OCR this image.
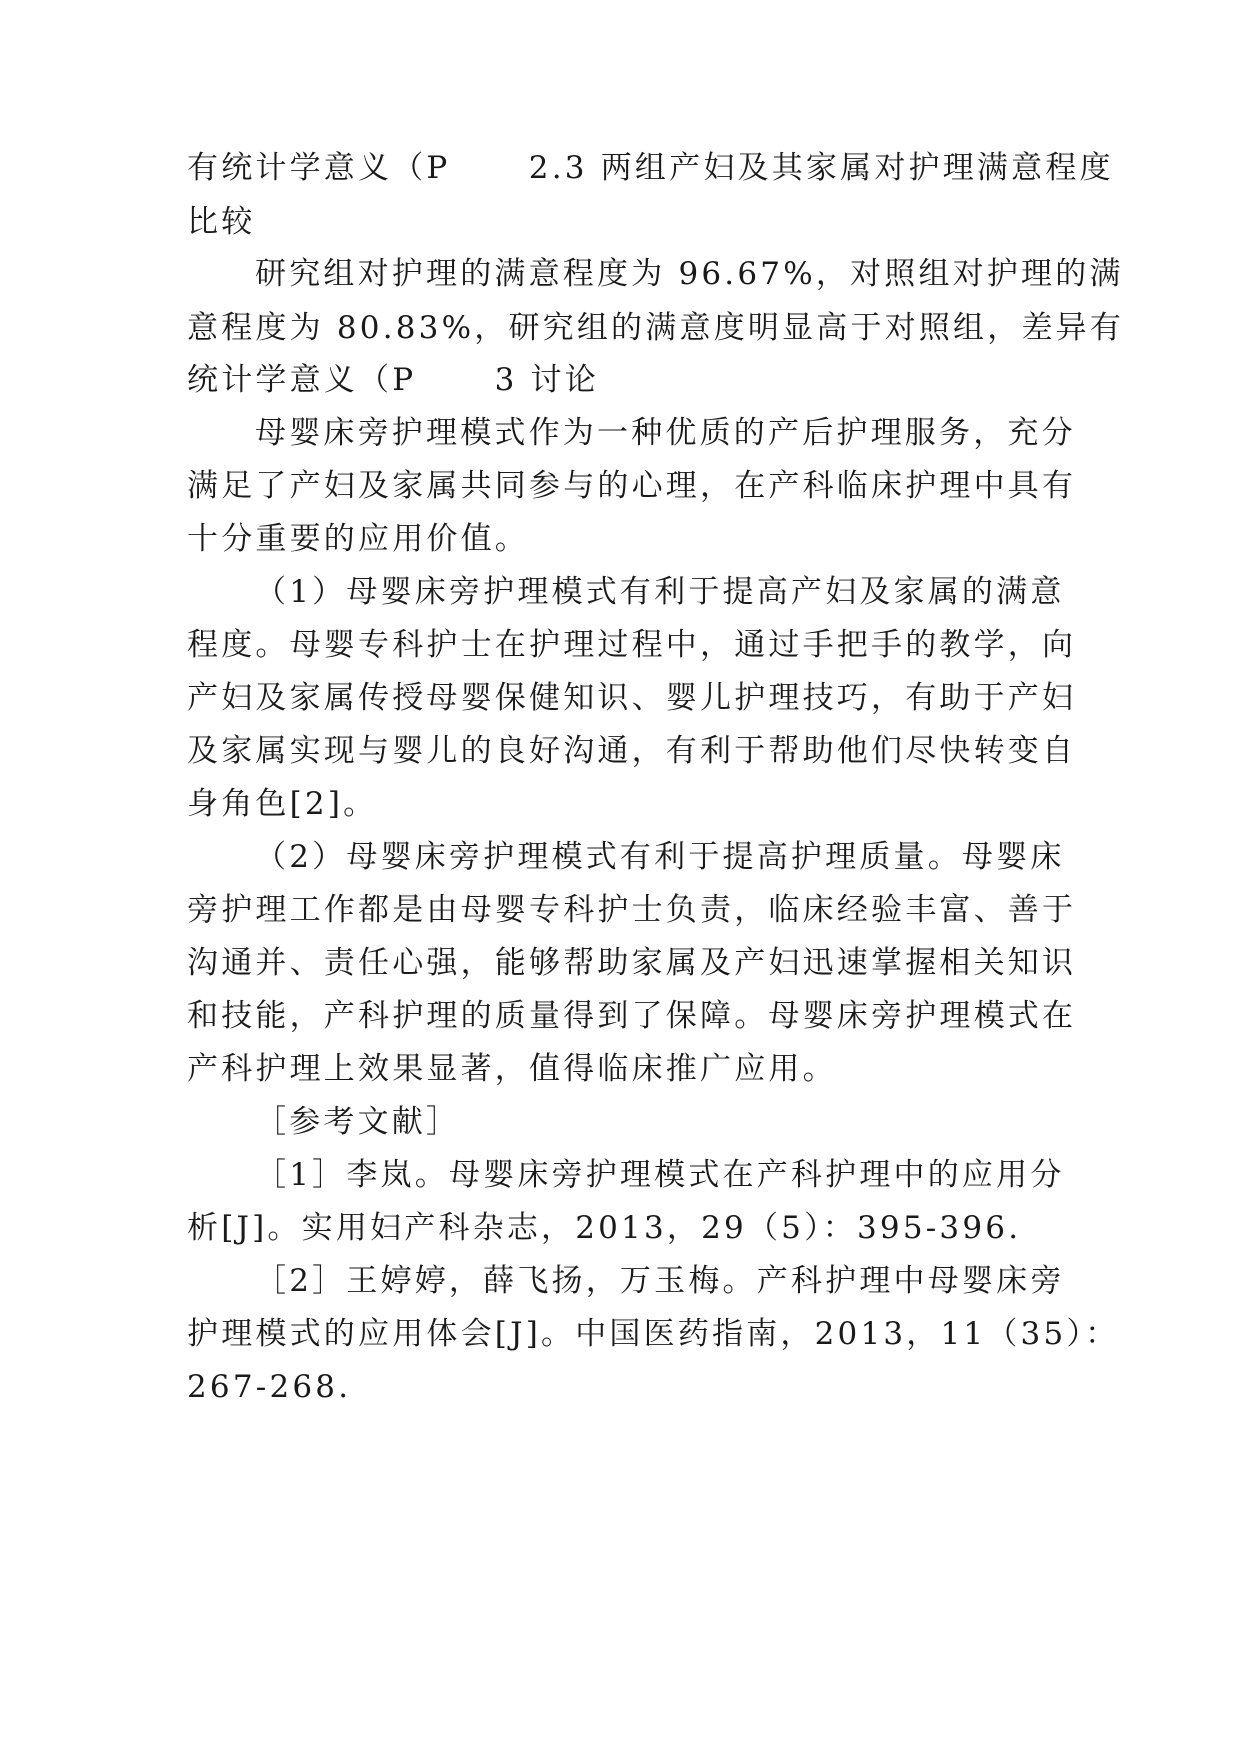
有统计学意义（P      2.3 两组产妇及其家属对护理满意程度
比较
研究组对护理的满意程度为 96.67%，对照组对护理的满
意程度为 80.83%，研究组的满意度明显高于对照组，差异有
统计学意义（P      3 讨论
母婴床旁护理模式作为一种优质的产后护理服务，充分
满足了产妇及家属共同参与的心理，在产科临床护理中具有
十分重要的应用价值。
（1）母婴床旁护理模式有利于提高产妇及家属的满意
程度。母婴专科护士在护理过程中，通过手把手的教学，向
产妇及家属传授母婴保健知识、婴儿护理技巧，有助于产妇
及家属实现与婴儿的良好沟通，有利于帮助他们尽快转变自
身角色[2]。
（2）母婴床旁护理模式有利于提高护理质量。母婴床
旁护理工作都是由母婴专科护士负责，临床经验丰富、善于
沟通并、责任心强，能够帮助家属及产妇迅速掌握相关知识
和技能，产科护理的质量得到了保障。母婴床旁护理模式在
产科护理上效果显著，值得临床推广应用。
［参考文献］
［1］李岚。母婴床旁护理模式在产科护理中的应用分
析[J]。实用妇产科杂志，2013，29（5）：395-396.
［2］王婷婷，薛飞扬，万玉梅。产科护理中母婴床旁
护理模式的应用体会[J]。中国医药指南，2013，11（35）：
267-268.
